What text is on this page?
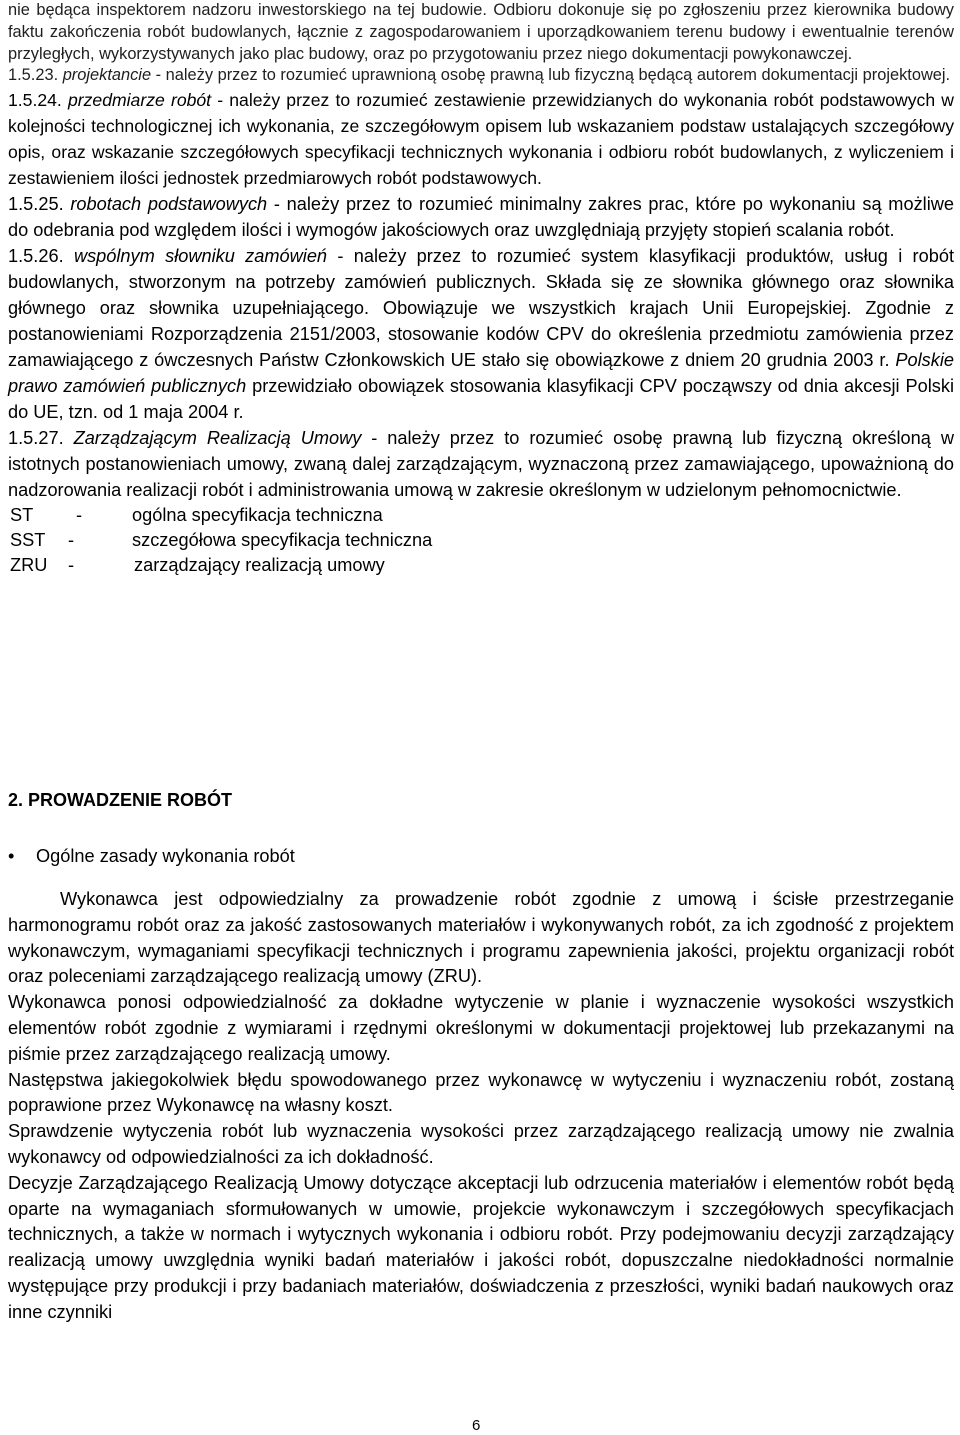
nie będąca inspektorem nadzoru inwestorskiego na tej budowie. Odbioru dokonuje się po zgłoszeniu przez kierownika budowy faktu zakończenia robót budowlanych, łącznie z zagospodarowaniem i uporządkowaniem terenu budowy i ewentualnie terenów przyległych, wykorzystywanych jako plac budowy, oraz po przygotowaniu przez niego dokumentacji powykonawczej.

1.5.23. projektancie - należy przez to rozumieć uprawnioną osobę prawną lub fizyczną będącą autorem dokumentacji projektowej.

1.5.24. przedmiarze robót - należy przez to rozumieć zestawienie przewidzianych do wykonania robót podstawowych w kolejności technologicznej ich wykonania, ze szczegółowym opisem lub wskazaniem podstaw ustalających szczegółowy opis, oraz wskazanie szczegółowych specyfikacji technicznych wykonania i odbioru robót budowlanych, z wyliczeniem i zestawieniem ilości jednostek przedmiarowych robót podstawowych.

1.5.25. robotach podstawowych - należy przez to rozumieć minimalny zakres prac, które po wykonaniu są możliwe do odebrania pod względem ilości i wymogów jakościowych oraz uwzględniają przyjęty stopień scalania robót.

1.5.26. wspólnym słowniku zamówień - należy przez to rozumieć system klasyfikacji produktów, usług i robót budowlanych, stworzonym na potrzeby zamówień publicznych. Składa się ze słownika głównego oraz słownika głównego oraz słownika uzupełniającego. Obowiązuje we wszystkich krajach Unii Europejskiej. Zgodnie z postanowieniami Rozporządzenia 2151/2003, stosowanie kodów CPV do określenia przedmiotu zamówienia przez zamawiającego z ówczesnych Państw Członkowskich UE stało się obowiązkowe z dniem 20 grudnia 2003 r. Polskie prawo zamówień publicznych przewidziało obowiązek stosowania klasyfikacji CPV począwszy od dnia akcesji Polski do UE, tzn. od 1 maja 2004 r.

1.5.27. Zarządzającym Realizacją Umowy - należy przez to rozumieć osobę prawną lub fizyczną określoną w istotnych postanowieniach umowy, zwaną dalej zarządzającym, wyznaczoną przez zamawiającego, upoważnioną do nadzorowania realizacji robót i administrowania umową w zakresie określonym w udzielonym pełnomocnictwie.

ST	-	ogólna specyfikacja techniczna
SST	-	szczegółowa specyfikacja techniczna
ZRU	-	zarządzający realizacją umowy
2. PROWADZENIE ROBÓT
•	Ogólne zasady wykonania robót

Wykonawca jest odpowiedzialny za prowadzenie robót zgodnie z umową i ścisłe przestrzeganie harmonogramu robót oraz za jakość zastosowanych materiałów i wykonywanych robót, za ich zgodność z projektem wykonawczym, wymaganiami specyfikacji technicznych i programu zapewnienia jakości, projektu organizacji robót oraz poleceniami zarządzającego realizacją umowy (ZRU).

Wykonawca ponosi odpowiedzialność za dokładne wytyczenie w planie i wyznaczenie wysokości wszystkich elementów robót zgodnie z wymiarami i rzędnymi określonymi w dokumentacji projektowej lub przekazanymi na piśmie przez zarządzającego realizacją umowy.

Następstwa jakiegokolwiek błędu spowodowanego przez wykonawcę w wytyczeniu i wyznaczeniu robót, zostaną poprawione przez Wykonawcę na własny koszt.

Sprawdzenie wytyczenia robót lub wyznaczenia wysokości przez zarządzającego realizacją umowy nie zwalnia wykonawcy od odpowiedzialności za ich dokładność.

Decyzje Zarządzającego Realizacją Umowy dotyczące akceptacji lub odrzucenia materiałów i elementów robót będą oparte na wymaganiach sformułowanych w umowie, projekcie wykonawczym i szczegółowych specyfikacjach technicznych, a także w normach i wytycznych wykonania i odbioru robót. Przy podejmowaniu decyzji zarządzający realizacją umowy uwzględnia wyniki badań materiałów i jakości robót, dopuszczalne niedokładności normalnie występujące przy produkcji i przy badaniach materiałów, doświadczenia z przeszłości, wyniki badań naukowych oraz inne czynniki

6
